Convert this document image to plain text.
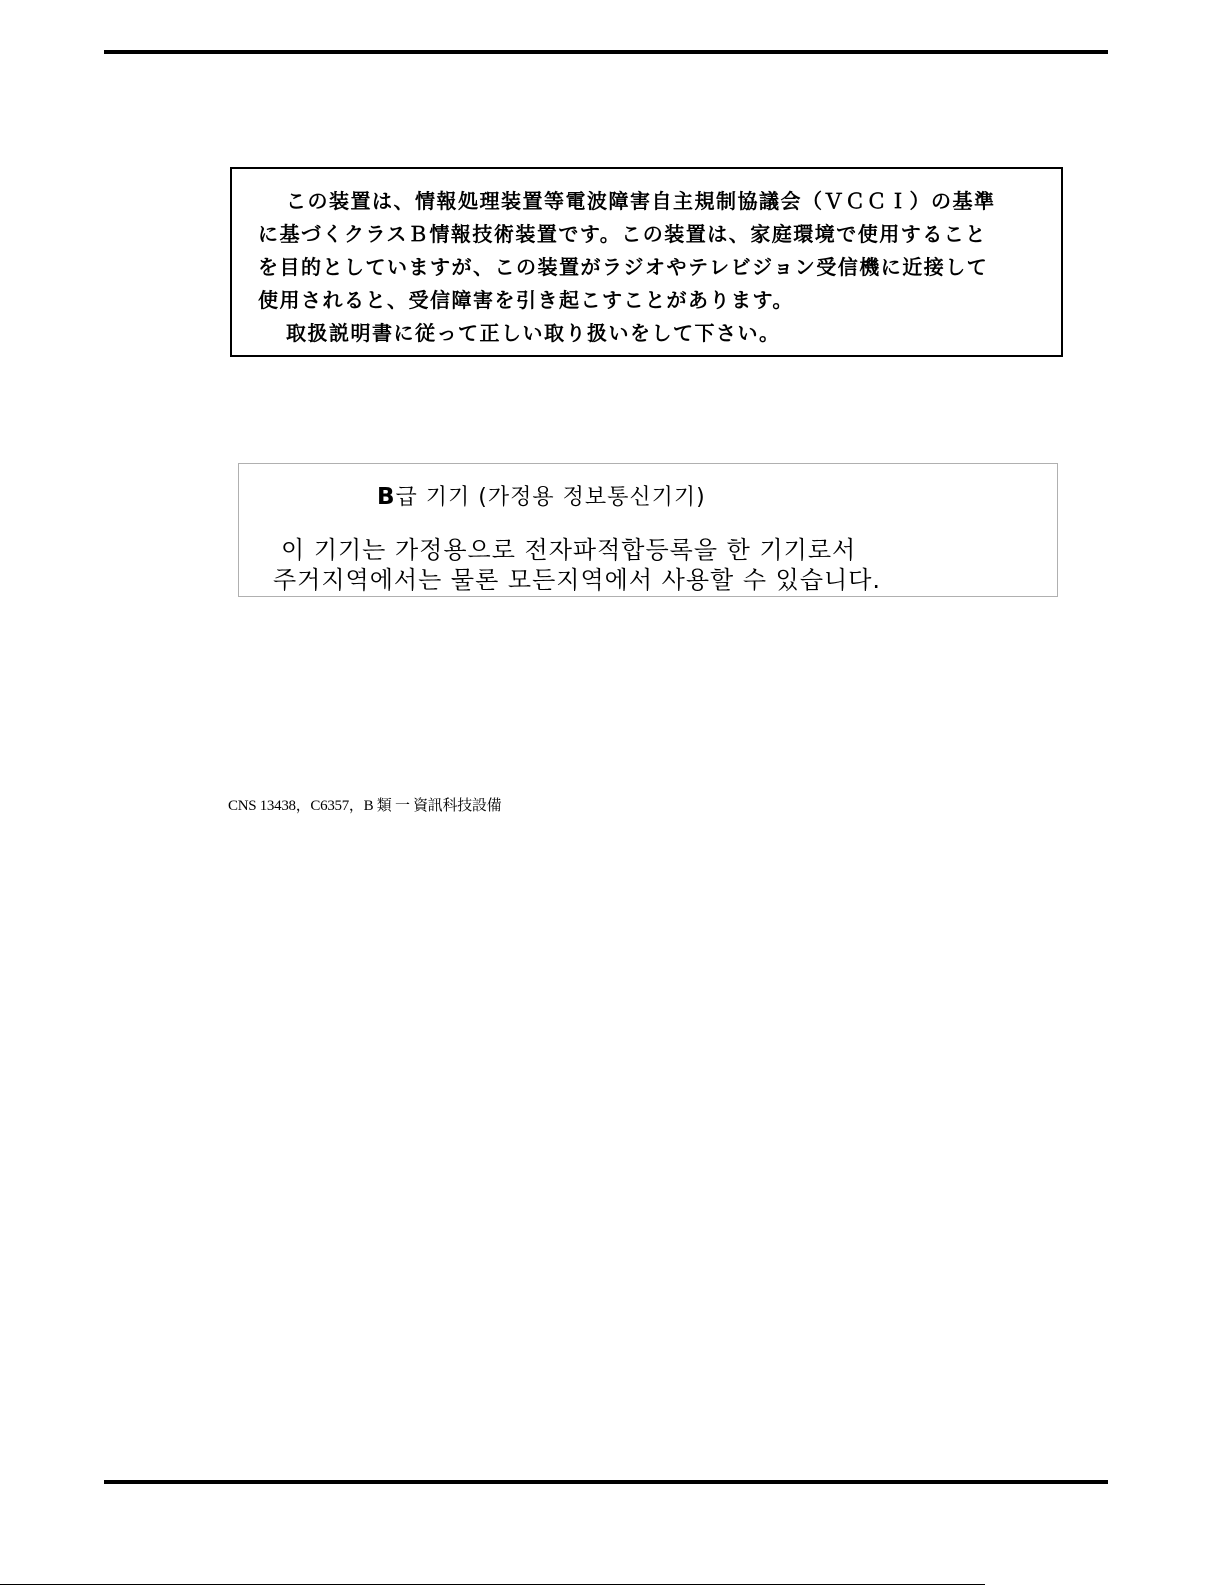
この装置は、情報処理装置等電波障害自主規制協議会（ＶＣＣＩ）の基準
に基づくクラスＢ情報技術装置です。この装置は、家庭環境で使用すること
を目的としていますが、この装置がラジオやテレビジョン受信機に近接して
使用されると、受信障害を引き起こすことがあります。
取扱説明書に従って正しい取り扱いをして下さい。
B급 기기 (가정용 정보통신기기)
이 기기는 가정용으로 전자파적합등록을 한 기기로서
주거지역에서는 물론 모든지역에서 사용할 수 있습니다.
CNS 13438，C6357，B 類 一 資訊科技設備
